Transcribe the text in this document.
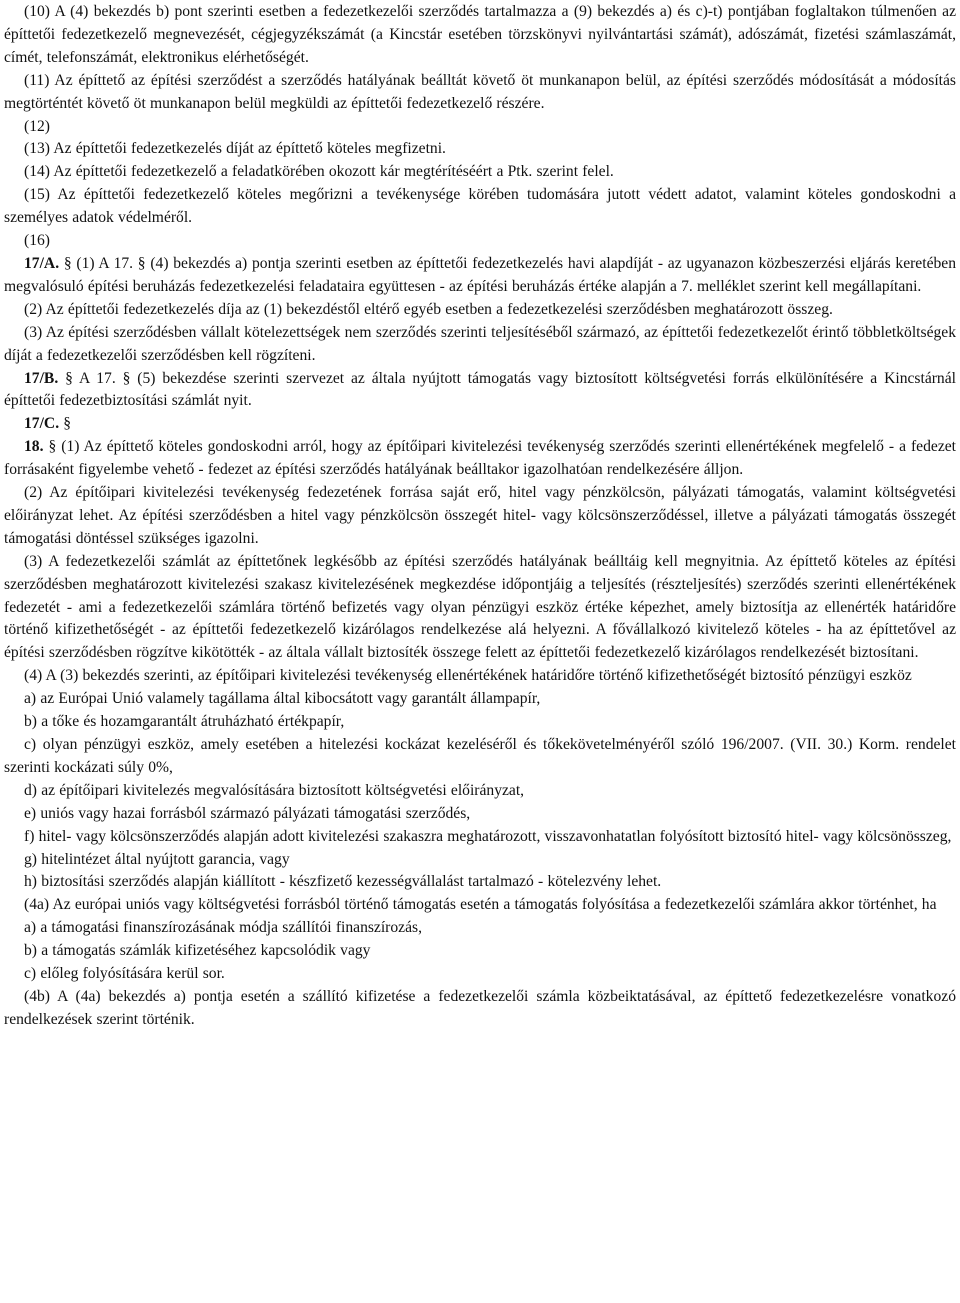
(10) A (4) bekezdés b) pont szerinti esetben a fedezetkezelői szerződés tartalmazza a (9) bekezdés a) és c)-t) pontjában foglaltakon túlmenően az építtetői fedezetkezelő megnevezését, cégjegyzékszámát (a Kincstár esetében törzskönyvi nyilvántartási számát), adószámát, fizetési számlaszámát, címét, telefonszámát, elektronikus elérhetőségét.

(11) Az építtető az építési szerződést a szerződés hatályának beálltát követő öt munkanapon belül, az építési szerződés módosítását a módosítás megtörténtét követő öt munkanapon belül megküldi az építtetői fedezetkezelő részére.

(12)

(13) Az építtetői fedezetkezelés díját az építtető köteles megfizetni.

(14) Az építtetői fedezetkezelő a feladatkörében okozott kár megtérítéséért a Ptk. szerint felel.

(15) Az építtetői fedezetkezelő köteles megőrizni a tevékenysége körében tudomására jutott védett adatot, valamint köteles gondoskodni a személyes adatok védelméről.

(16)

17/A. § (1) A 17. § (4) bekezdés a) pontja szerinti esetben az építtetői fedezetkezelés havi alapdíját - az ugyanazon közbeszerzési eljárás keretében megvalósuló építési beruházás fedezetkezelési feladataira együttesen - az építési beruházás értéke alapján a 7. melléklet szerint kell megállapítani.

(2) Az építtetői fedezetkezelés díja az (1) bekezdéstől eltérő egyéb esetben a fedezetkezelési szerződésben meghatározott összeg.

(3) Az építési szerződésben vállalt kötelezettségek nem szerződés szerinti teljesítéséből származó, az építtetői fedezetkezelőt érintő többletköltségek díját a fedezetkezelői szerződésben kell rögzíteni.

17/B. § A 17. § (5) bekezdése szerinti szervezet az általa nyújtott támogatás vagy biztosított költségvetési forrás elkülönítésére a Kincstárnál építtetői fedezetbiztosítási számlát nyit.

17/C. §

18. § (1) Az építtető köteles gondoskodni arról, hogy az építőipari kivitelezési tevékenység szerződés szerinti ellenértékének megfelelő - a fedezet forrásaként figyelembe vehető - fedezet az építési szerződés hatályának beálltakor igazolhatóan rendelkezésére álljon.

(2) Az építőipari kivitelezési tevékenység fedezetének forrása saját erő, hitel vagy pénzkölcsön, pályázati támogatás, valamint költségvetési előirányzat lehet. Az építési szerződésben a hitel vagy pénzkölcsön összegét hitel- vagy kölcsönszerződéssel, illetve a pályázati támogatás összegét támogatási döntéssel szükséges igazolni.

(3) A fedezetkezelői számlát az építtetőnek legkésőbb az építési szerződés hatályának beálltáig kell megnyitnia. Az építtető köteles az építési szerződésben meghatározott kivitelezési szakasz kivitelezésének megkezdése időpontjáig a teljesítés (részteljesítés) szerződés szerinti ellenértékének fedezetét - ami a fedezetkezelői számlára történő befizetés vagy olyan pénzügyi eszköz értéke képezhet, amely biztosítja az ellenérték határidőre történő kifizethetőségét - az építtetői fedezetkezelő kizárólagos rendelkezése alá helyezni. A fővállalkozó kivitelező köteles - ha az építtetővel az építési szerződésben rögzítve kikötötték - az általa vállalt biztosíték összege felett az építtetői fedezetkezelő kizárólagos rendelkezését biztosítani.

(4) A (3) bekezdés szerinti, az építőipari kivitelezési tevékenység ellenértékének határidőre történő kifizethetőségét biztosító pénzügyi eszköz

a) az Európai Unió valamely tagállama által kibocsátott vagy garantált állampapír,

b) a tőke és hozamgarantált átruházható értékpapír,

c) olyan pénzügyi eszköz, amely esetében a hitelezési kockázat kezeléséről és tőkekövetelményéről szóló 196/2007. (VII. 30.) Korm. rendelet szerinti kockázati súly 0%,

d) az építőipari kivitelezés megvalósítására biztosított költségvetési előirányzat,

e) uniós vagy hazai forrásból származó pályázati támogatási szerződés,

f) hitel- vagy kölcsönszerződés alapján adott kivitelezési szakaszra meghatározott, visszavonhatatlan folyósított biztosító hitel- vagy kölcsönösszeg,

g) hitelintézet által nyújtott garancia, vagy

h) biztosítási szerződés alapján kiállított - készfizető kezességvállalást tartalmazó - kötelezvény lehet.

(4a) Az európai uniós vagy költségvetési forrásból történő támogatás esetén a támogatás folyósítása a fedezetkezelői számlára akkor történhet, ha

a) a támogatási finanszírozásának módja szállítói finanszírozás,

b) a támogatás számlák kifizetéséhez kapcsolódik vagy

c) előleg folyósítására kerül sor.

(4b) A (4a) bekezdés a) pontja esetén a szállító kifizetése a fedezetkezelői számla közbeiktatásával, az építtető fedezetkezelésre vonatkozó rendelkezések szerint történik.
